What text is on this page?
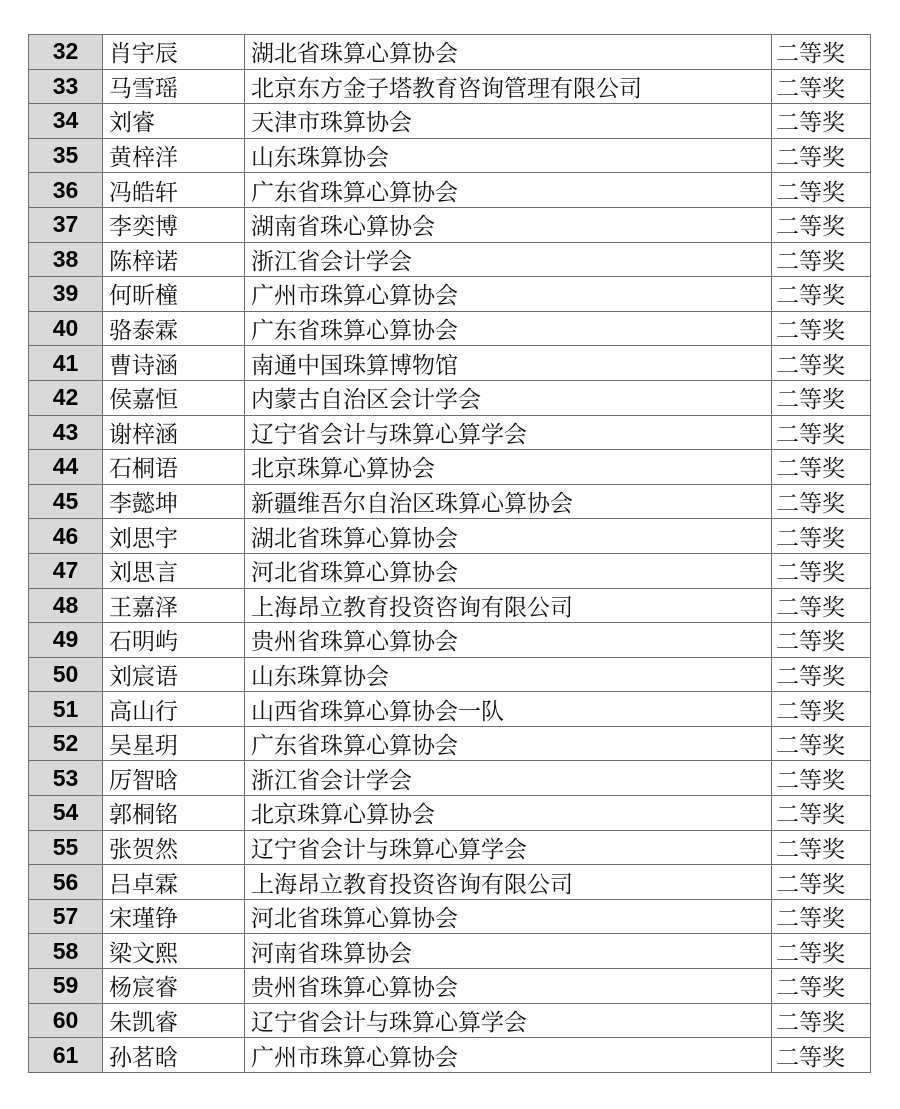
32	肖宇辰	湖北省珠算心算协会	二等奖
33	马雪瑶	北京东方金子塔教育咨询管理有限公司	二等奖
34	刘睿	天津市珠算协会	二等奖
35	黄梓洋	山东珠算协会	二等奖
36	冯皓轩	广东省珠算心算协会	二等奖
37	李奕博	湖南省珠心算协会	二等奖
38	陈梓诺	浙江省会计学会	二等奖
39	何昕橦	广州市珠算心算协会	二等奖
40	骆泰霖	广东省珠算心算协会	二等奖
41	曹诗涵	南通中国珠算博物馆	二等奖
42	侯嘉恒	内蒙古自治区会计学会	二等奖
43	谢梓涵	辽宁省会计与珠算心算学会	二等奖
44	石桐语	北京珠算心算协会	二等奖
45	李懿坤	新疆维吾尔自治区珠算心算协会	二等奖
46	刘思宇	湖北省珠算心算协会	二等奖
47	刘思言	河北省珠算心算协会	二等奖
48	王嘉泽	上海昂立教育投资咨询有限公司	二等奖
49	石明屿	贵州省珠算心算协会	二等奖
50	刘宸语	山东珠算协会	二等奖
51	高山行	山西省珠算心算协会一队	二等奖
52	吴星玥	广东省珠算心算协会	二等奖
53	厉智晗	浙江省会计学会	二等奖
54	郭桐铭	北京珠算心算协会	二等奖
55	张贺然	辽宁省会计与珠算心算学会	二等奖
56	吕卓霖	上海昂立教育投资咨询有限公司	二等奖
57	宋瑾铮	河北省珠算心算协会	二等奖
58	梁文熙	河南省珠算协会	二等奖
59	杨宸睿	贵州省珠算心算协会	二等奖
60	朱凯睿	辽宁省会计与珠算心算学会	二等奖
61	孙茗晗	广州市珠算心算协会	二等奖
